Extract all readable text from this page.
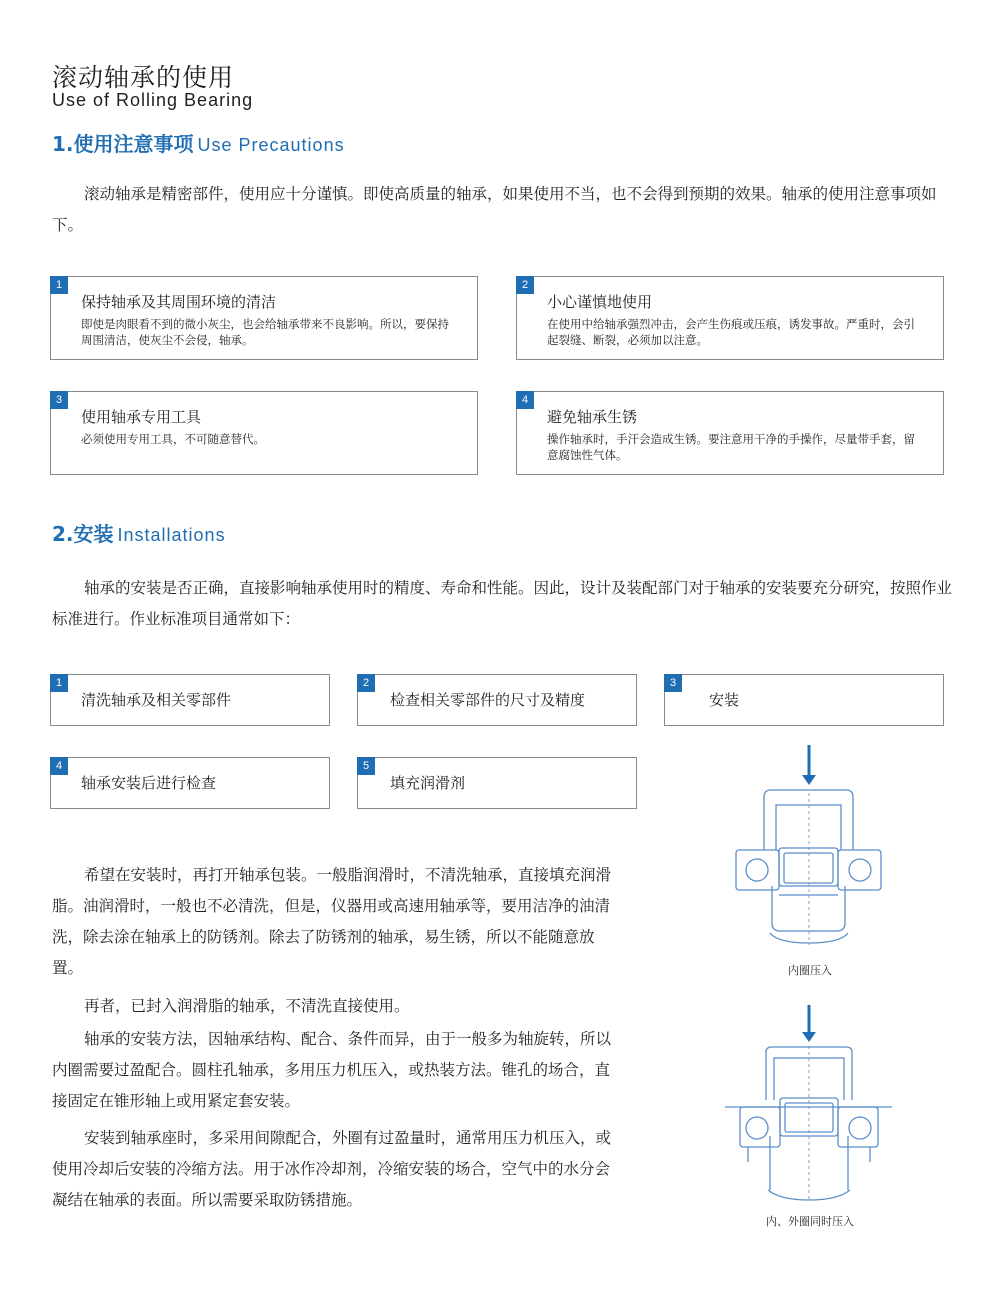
滚动轴承的使用
Use of Rolling Bearing
1.使用注意事项 Use Precautions
滚动轴承是精密部件，使用应十分谨慎。即使高质量的轴承，如果使用不当，也不会得到预期的效果。轴承的使用注意事项如下。
1
保持轴承及其周围环境的清洁
即使是肉眼看不到的微小灰尘，也会给轴承带来不良影响。所以，要保持周围清洁，使灰尘不会侵，轴承。
2
小心谨慎地使用
在使用中给轴承强烈冲击，会产生伤痕或压痕，诱发事故。严重时，会引起裂缝、断裂，必须加以注意。
3
使用轴承专用工具
必须使用专用工具，不可随意替代。
4
避免轴承生锈
操作轴承时，手汗会造成生锈。要注意用干净的手操作，尽量带手套，留意腐蚀性气体。
2.安装 Installations
轴承的安装是否正确，直接影响轴承使用时的精度、寿命和性能。因此，设计及装配部门对于轴承的安装要充分研究，按照作业标准进行。作业标准项目通常如下：
1
清洗轴承及相关零部件
2
检查相关零部件的尺寸及精度
3
安装
4
轴承安装后进行检查
5
填充润滑剂
希望在安装时，再打开轴承包装。一般脂润滑时，不清洗轴承，直接填充润滑脂。油润滑时，一般也不必清洗，但是，仪器用或高速用轴承等，要用洁净的油清洗，除去涂在轴承上的防锈剂。除去了防锈剂的轴承，易生锈，所以不能随意放置。
再者，已封入润滑脂的轴承，不清洗直接使用。
轴承的安装方法，因轴承结构、配合、条件而异，由于一般多为轴旋转，所以内圈需要过盈配合。圆柱孔轴承，多用压力机压入，或热装方法。锥孔的场合，直接固定在锥形轴上或用紧定套安装。
安装到轴承座时，多采用间隙配合，外圈有过盈量时，通常用压力机压入，或使用冷却后安装的冷缩方法。用于冰作冷却剂，冷缩安装的场合，空气中的水分会凝结在轴承的表面。所以需要采取防锈措施。
内圈压入
内、外圈同时压入
